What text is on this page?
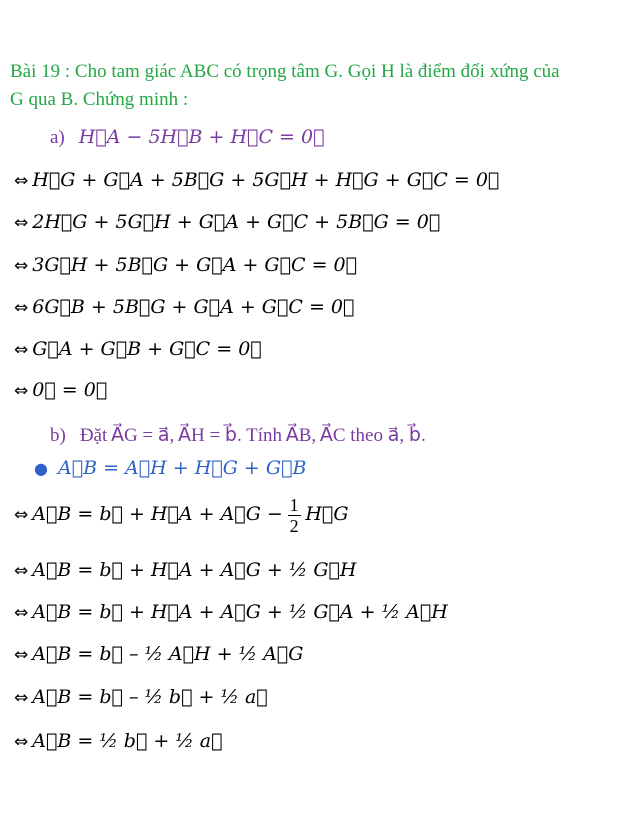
Bài 19 : Cho tam giác ABC có trọng tâm G. Gọi H là điểm đối xứng của
G qua B. Chứng minh :
a) H⃗A − 5H⃗B + H⃗C = 0⃗
⇔ H⃗G + G⃗A + 5B⃗G + 5G⃗H + H⃗G + G⃗C = 0⃗
⇔ 2H⃗G + 5G⃗H + G⃗A + G⃗C + 5B⃗G = 0⃗
⇔ 3G⃗H + 5B⃗G + G⃗A + G⃗C = 0⃗
⇔ 6G⃗B + 5B⃗G + G⃗A + G⃗C = 0⃗
⇔ G⃗A + G⃗B + G⃗C = 0⃗
⇔ 0⃗ = 0⃗
b) Đặt A⃗G = a⃗, A⃗H = b⃗. Tính A⃗B, A⃗C theo a⃗, b⃗.
● A⃗B = A⃗H + H⃗G + G⃗B
⇔ A⃗B = b⃗ + H⃗A + A⃗G − $\frac{1}{2}$ H⃗G
⇔ A⃗B = b⃗ + H⃗A + A⃗G + ½ G⃗H
⇔ A⃗B = b⃗ + H⃗A + A⃗G + ½ G⃗A + ½ A⃗H
⇔ A⃗B = b⃗ – ½ A⃗H + ½ A⃗G
⇔ A⃗B = b⃗ – ½ b⃗ + ½ a⃗
⇔ A⃗B = ½ b⃗ + ½ a⃗
